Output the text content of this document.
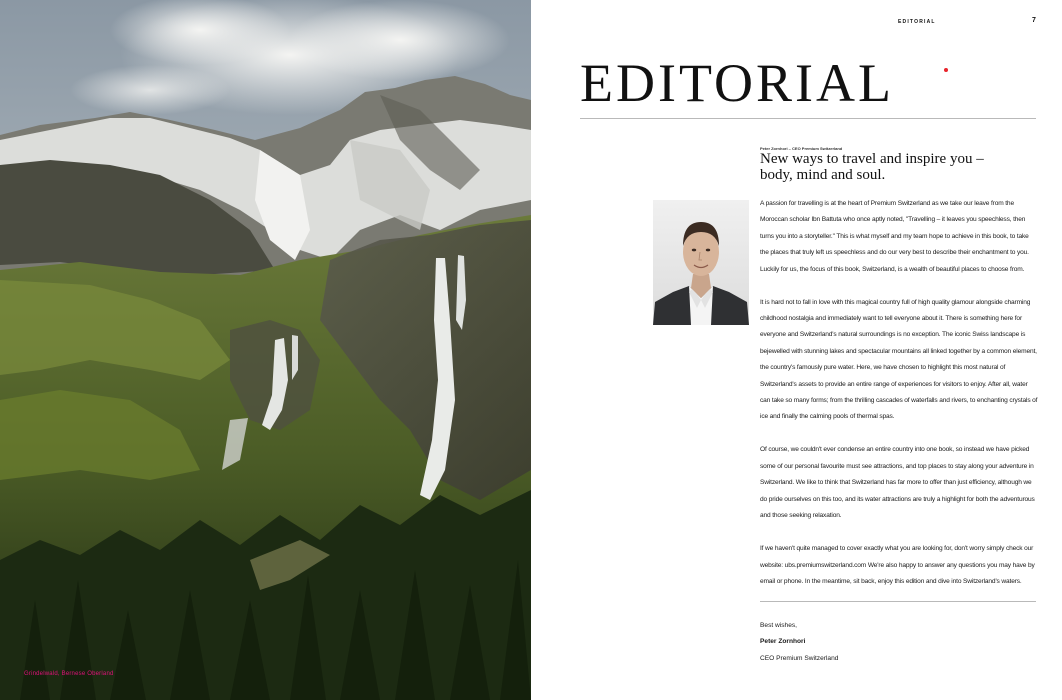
Grindelwald, Bernese Oberland
EDITORIAL	7
EDITORIAL
Peter Zornhori – CEO Premium Switzerland
New ways to travel and inspire you –
body, mind and soul.

A passion for travelling is at the heart of Premium Switzerland as we take our leave from the Moroccan scholar Ibn Battuta who once aptly noted, "Travelling – it leaves you speechless, then turns you into a storyteller." This is what myself and my team hope to achieve in this book, to take the places that truly left us speechless and do our very best to describe their enchantment to you. Luckily for us, the focus of this book, Switzerland, is a wealth of beautiful places to choose from.

It is hard not to fall in love with this magical country full of high quality glamour alongside charming childhood nostalgia and immediately want to tell everyone about it. There is something here for everyone and Switzerland's natural surroundings is no exception. The iconic Swiss landscape is bejewelled with stunning lakes and spectacular mountains all linked together by a common element, the country's famously pure water. Here, we have chosen to highlight this most natural of Switzerland's assets to provide an entire range of experiences for visitors to enjoy. After all, water can take so many forms; from the thrilling cascades of waterfalls and rivers, to enchanting crystals of ice and finally the calming pools of thermal spas.

Of course, we couldn't ever condense an entire country into one book, so instead we have picked some of our personal favourite must see attractions, and top places to stay along your adventure in Switzerland. We like to think that Switzerland has far more to offer than just efficiency, although we do pride ourselves on this too, and its water attractions are truly a highlight for both the adventurous and those seeking relaxation.

If we haven't quite managed to cover exactly what you are looking for, don't worry simply check our website: ubs.premiumswitzerland.com We're also happy to answer any questions you may have by email or phone. In the meantime, sit back, enjoy this edition and dive into Switzerland's waters.

Best wishes,
Peter Zornhori
CEO Premium Switzerland
